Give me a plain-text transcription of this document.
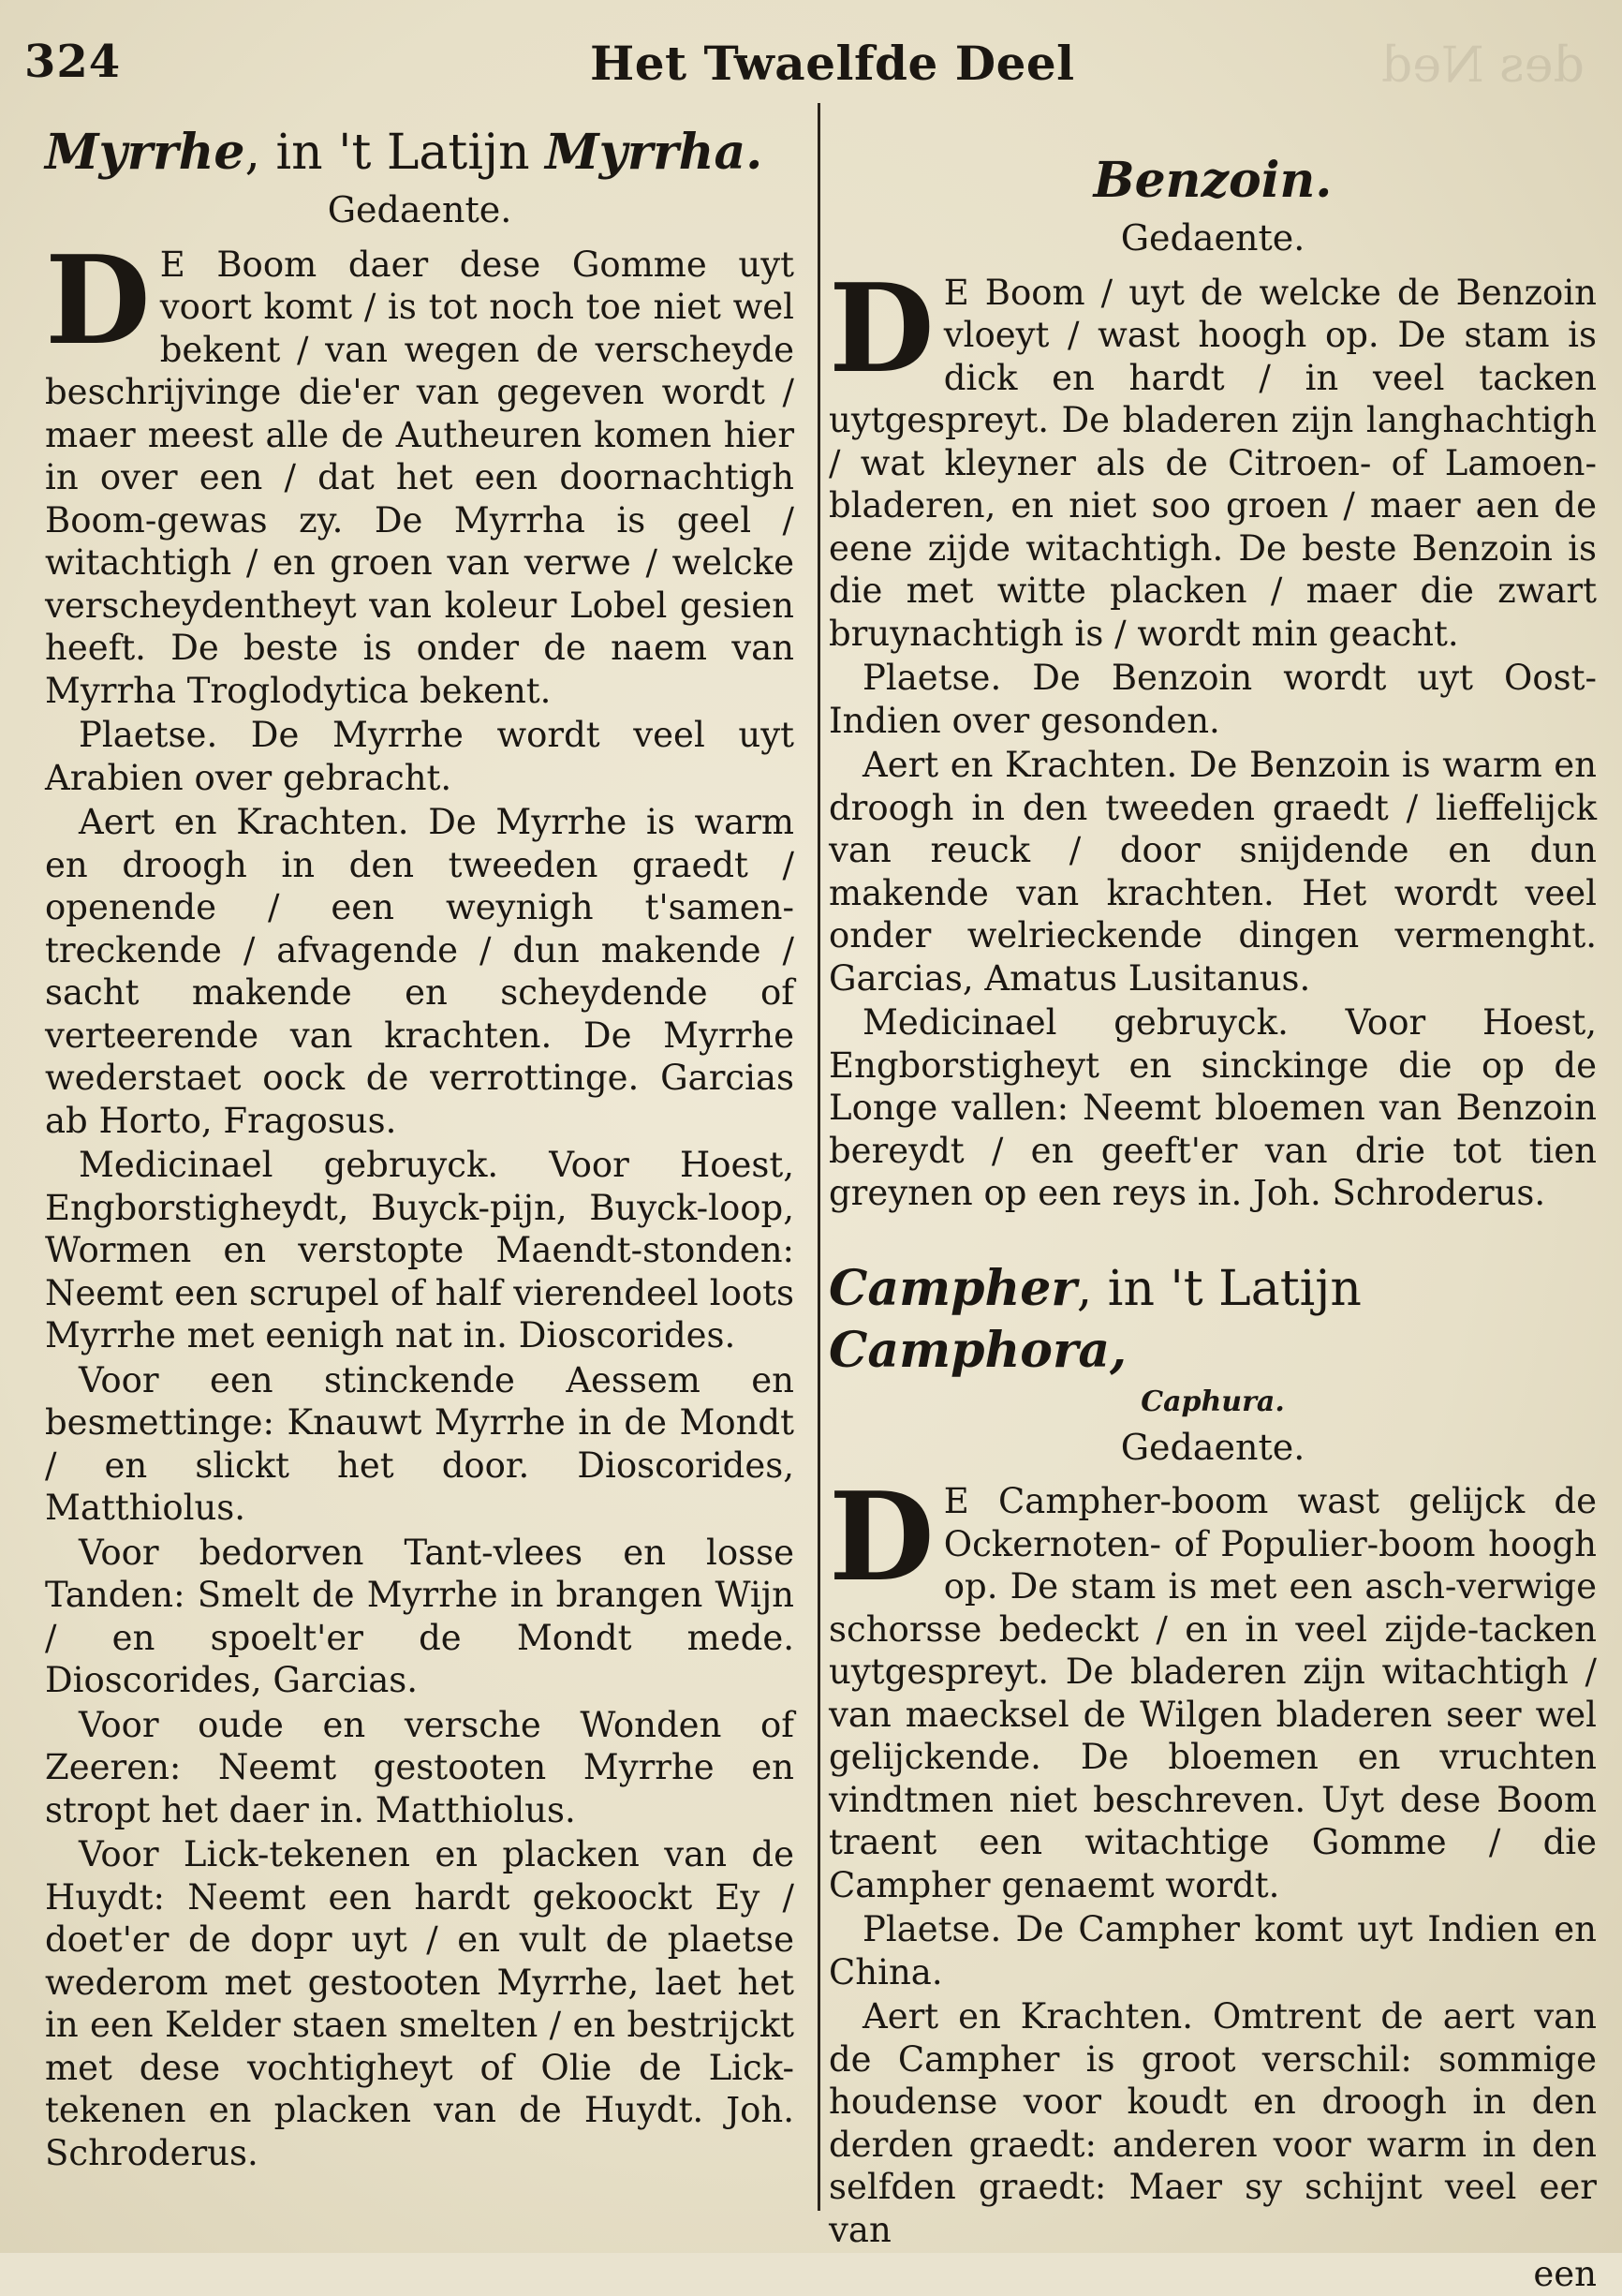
des Ned
324	Het Twaelfde Deel
Myrrhe, in 't Latijn Myrrha.
Gedaente.

D E Boom daer dese Gomme uyt voort komt / is tot noch toe niet wel bekent / van wegen de verscheyde beschrijvinge die'er van gegeven wordt / maer meest alle de Autheuren komen hier in over een / dat het een doornachtigh Boom-gewas zy. De Myrrha is geel / witachtigh / en groen van verwe / welcke verscheydentheyt van koleur Lobel gesien heeft. De beste is onder de naem van Myrrha Troglodytica bekent.

Plaetse. De Myrrhe wordt veel uyt Arabien over gebracht.

Aert en Krachten. De Myrrhe is warm en droogh in den tweeden graedt / openende / een weynigh t'samen-treckende / afvagende / dun makende / sacht makende en scheydende of verteerende van krachten. De Myrrhe wederstaet oock de verrottinge. Garcias ab Horto, Fragosus.

Medicinael gebruyck. Voor Hoest, Engborstigheydt, Buyck-pijn, Buyck-loop, Wormen en verstopte Maendt-stonden: Neemt een scrupel of half vierendeel loots Myrrhe met eenigh nat in. Dioscorides.

Voor een stinckende Aessem en besmettinge: Knauwt Myrrhe in de Mondt / en slickt het door. Dioscorides, Matthiolus.

Voor bedorven Tant-vlees en losse Tanden: Smelt de Myrrhe in brangen Wijn / en spoelt'er de Mondt mede. Dioscorides, Garcias.

Voor oude en versche Wonden of Zeeren: Neemt gestooten Myrrhe en stropt het daer in. Matthiolus.

Voor Lick-tekenen en placken van de Huydt: Neemt een hardt gekoockt Ey / doet'er de dopr uyt / en vult de plaetse wederom met gestooten Myrrhe, laet het in een Kelder staen smelten / en bestrijckt met dese vochtigheyt of Olie de Lick-tekenen en placken van de Huydt. Joh. Schroderus.

Benzoin.
Gedaente.

D E Boom / uyt de welcke de Benzoin vloeyt / wast hoogh op. De stam is dick en hardt / in veel tacken uytgespreyt. De bladeren zijn langhachtigh / wat kleyner als de Citroen- of Lamoen-bladeren, en niet soo groen / maer aen de eene zijde witachtigh. De beste Benzoin is die met witte placken / maer die zwart bruynachtigh is / wordt min geacht.

Plaetse. De Benzoin wordt uyt Oost-Indien over gesonden.

Aert en Krachten. De Benzoin is warm en droogh in den tweeden graedt / lieffelijck van reuck / door snijdende en dun makende van krachten. Het wordt veel onder welrieckende dingen vermenght. Garcias, Amatus Lusitanus.

Medicinael gebruyck. Voor Hoest, Engborstigheyt en sinckinge die op de Longe vallen: Neemt bloemen van Benzoin bereydt / en geeft'er van drie tot tien greynen op een reys in. Joh. Schroderus.

Campher, in 't Latijn Camphora,
Caphura.
Gedaente.

D E Campher-boom wast gelijck de Ockernoten- of Populier-boom hoogh op. De stam is met een asch-verwige schorsse bedeckt / en in veel zijde-tacken uytgespreyt. De bladeren zijn witachtigh / van maecksel de Wilgen bladeren seer wel gelijckende. De bloemen en vruchten vindtmen niet beschreven. Uyt dese Boom traent een witachtige Gomme / die Campher genaemt wordt.

Plaetse. De Campher komt uyt Indien en China.

Aert en Krachten. Omtrent de aert van de Campher is groot verschil: sommige houdense voor koudt en droogh in den derden graedt: anderen voor warm in den selfden graedt: Maer sy schijnt veel eer van

een
